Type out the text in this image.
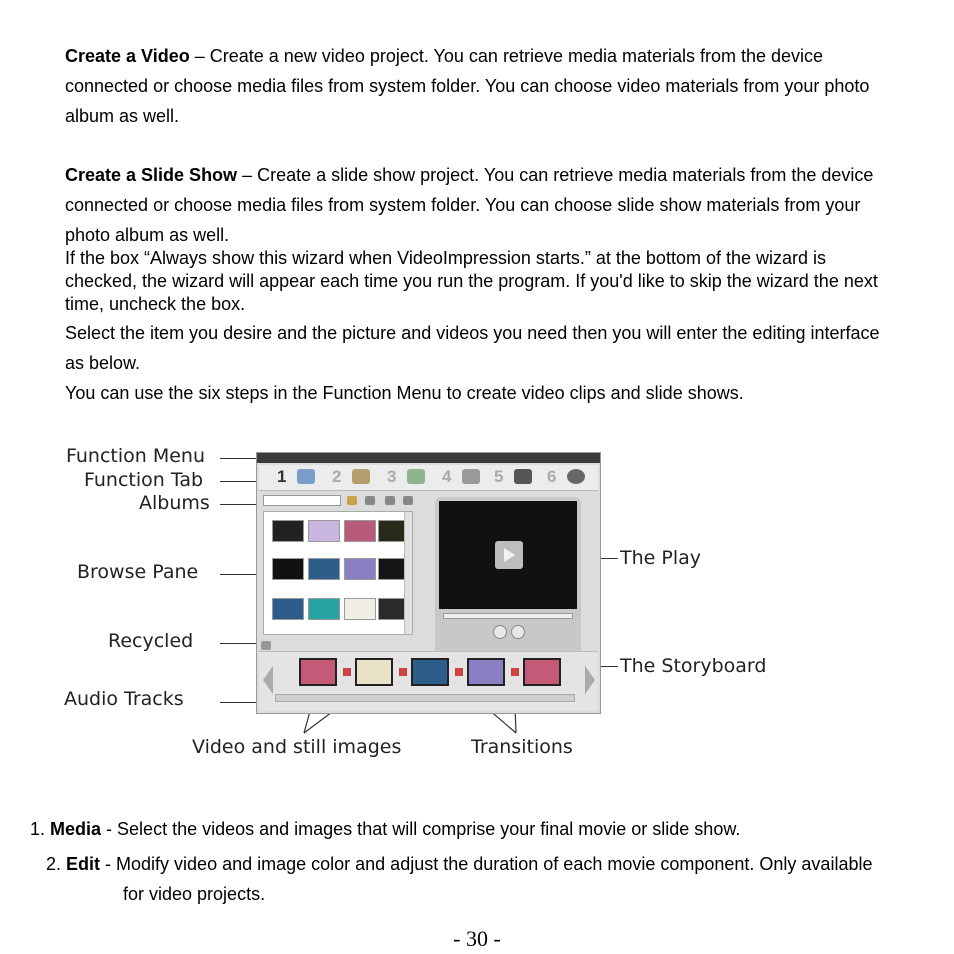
Create a Video – Create a new video project. You can retrieve media materials from the device connected or choose media files from system folder. You can choose video materials from your photo album as well.
Create a Slide Show – Create a slide show project. You can retrieve media materials from the device connected or choose media files from system folder. You can choose slide show materials from your photo album as well.
If the box “Always show this wizard when VideoImpression starts.” at the bottom of the wizard is checked, the wizard will appear each time you run the program. If you'd like to skip the wizard the next time, uncheck the box.
Select the item you desire and the picture and videos you need then you will enter the editing interface as below.
You can use the six steps in the Function Menu to create video clips and slide shows.
Function Menu
Function Tab
Albums
Browse Pane
Recycled
Audio Tracks
The Play
The Storyboard
Video and still images	Transitions
1	2	3	4	5	6
1. Media - Select the videos and images that will comprise your final movie or slide show.
2. Edit - Modify video and image color and adjust the duration of each movie component. Only available for video projects.
- 30 -
